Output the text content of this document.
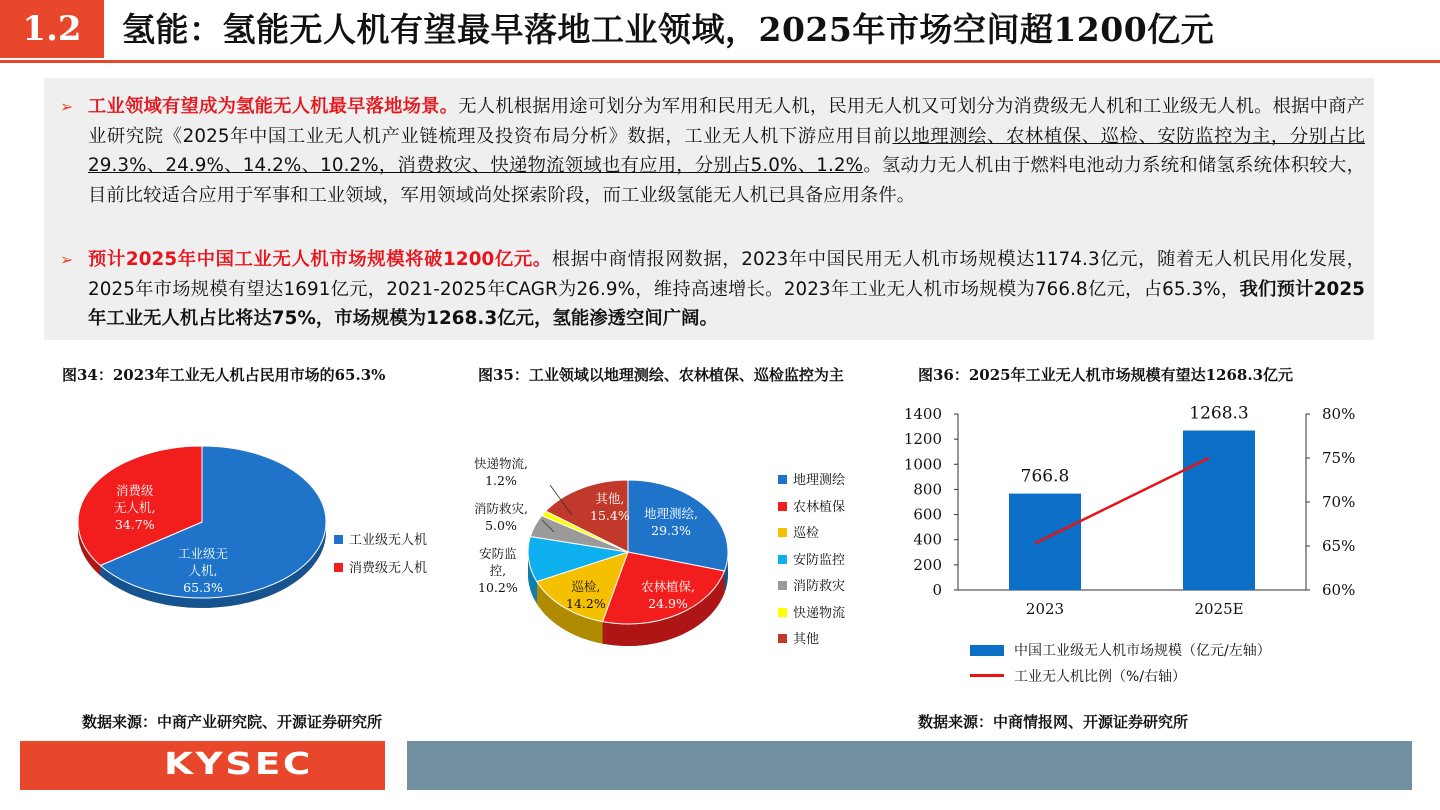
1.2	氢能：氢能无人机有望最早落地工业领域，2025年市场空间超1200亿元
➢ 工业领域有望成为氢能无人机最早落地场景。无人机根据用途可划分为军用和民用无人机，民用无人机又可划分为消费级无人机和工业级无人机。根据中商产业研究院《2025年中国工业无人机产业链梳理及投资布局分析》数据，工业无人机下游应用目前以地理测绘、农林植保、巡检、安防监控为主，分别占比29.3%、24.9%、14.2%、10.2%，消费救灾、快递物流领域也有应用，分别占5.0%、1.2%。氢动力无人机由于燃料电池动力系统和储氢系统体积较大，目前比较适合应用于军事和工业领域，军用领域尚处探索阶段，而工业级氢能无人机已具备应用条件。
➢ 预计2025年中国工业无人机市场规模将破1200亿元。根据中商情报网数据，2023年中国民用无人机市场规模达1174.3亿元，随着无人机民用化发展，2025年市场规模有望达1691亿元，2021-2025年CAGR为26.9%，维持高速增长。2023年工业无人机市场规模为766.8亿元，占65.3%，我们预计2025年工业无人机占比将达75%，市场规模为1268.3亿元，氢能渗透空间广阔。
图34：2023年工业无人机占民用市场的65.3%	图35：工业领域以地理测绘、农林植保、巡检监控为主	图36：2025年工业无人机市场规模有望达1268.3亿元
消费级
无人机,
34.7%
工业级无
人机,
65.3%
工业级无人机
消费级无人机
快递物流,
1.2%
消防救灾,
5.0%
安防监
控,
10.2%
其他,
15.4% 地理测绘,
29.3%
农林植保,
24.9%
巡检,
14.2%
地理测绘
农林植保
巡检
安防监控
消防救灾
快递物流
其他
0
200
400
600
800
1000
1200
1400
60%
65%
70%
75%
80%
766.8
2023
1268.3
2025E
中国工业级无人机市场规模（亿元/左轴）
工业无人机比例（%/右轴）
数据来源：中商产业研究院、开源证券研究所	数据来源：中商情报网、开源证券研究所
KYSEC
